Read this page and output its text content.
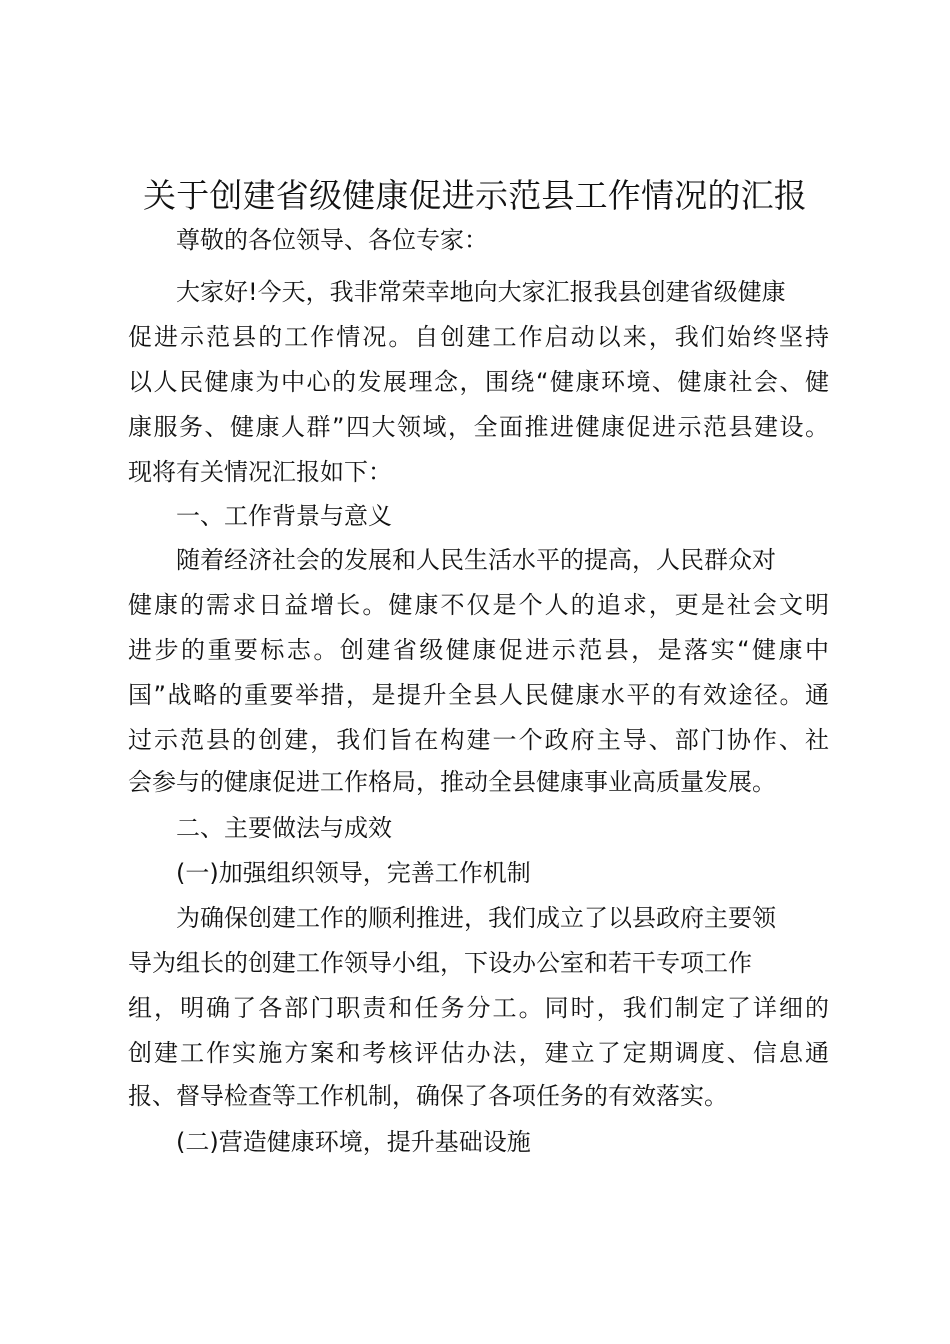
关于创建省级健康促进示范县工作情况的汇报

尊敬的各位领导、各位专家：

大家好!今天，我非常荣幸地向大家汇报我县创建省级健康

促进示范县的工作情况。自创建工作启动以来，我们始终坚持

以人民健康为中心的发展理念，围绕“健康环境、健康社会、健

康服务、健康人群”四大领域，全面推进健康促进示范县建设。

现将有关情况汇报如下：

一、工作背景与意义

随着经济社会的发展和人民生活水平的提高，人民群众对

健康的需求日益增长。健康不仅是个人的追求，更是社会文明

进步的重要标志。创建省级健康促进示范县，是落实“健康中

国”战略的重要举措，是提升全县人民健康水平的有效途径。通

过示范县的创建，我们旨在构建一个政府主导、部门协作、社

会参与的健康促进工作格局，推动全县健康事业高质量发展。

二、主要做法与成效

(一)加强组织领导，完善工作机制

为确保创建工作的顺利推进，我们成立了以县政府主要领

导为组长的创建工作领导小组，下设办公室和若干专项工作

组，明确了各部门职责和任务分工。同时，我们制定了详细的

创建工作实施方案和考核评估办法，建立了定期调度、信息通

报、督导检查等工作机制，确保了各项任务的有效落实。

(二)营造健康环境，提升基础设施
